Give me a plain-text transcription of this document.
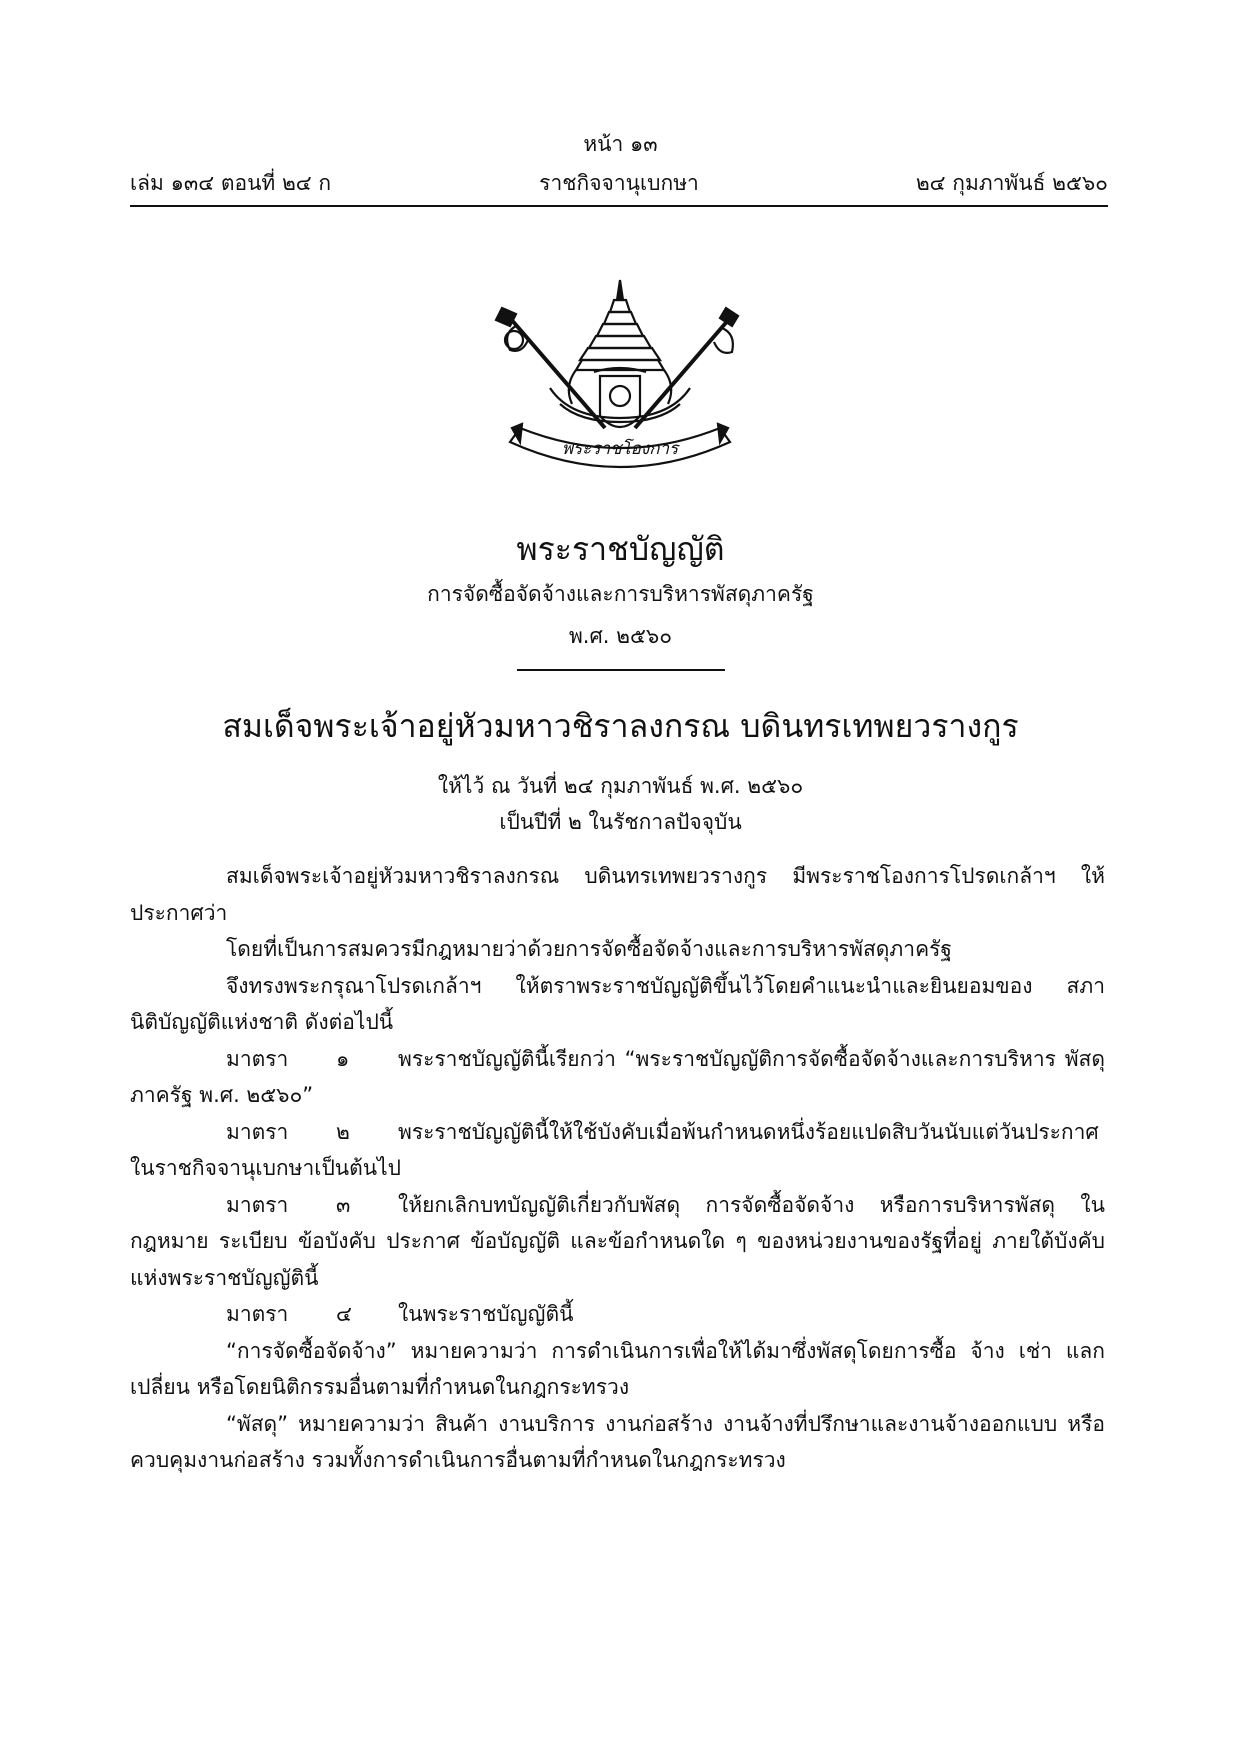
หน้า ๑๓
เล่ม ๑๓๔ ตอนที่ ๒๔ ก	ราชกิจจานุเบกษา	๒๔ กุมภาพันธ์ ๒๕๖๐
พระราชโองการ
พระราชบัญญัติ
การจัดซื้อจัดจ้างและการบริหารพัสดุภาครัฐ
พ.ศ. ๒๕๖๐
สมเด็จพระเจ้าอยู่หัวมหาวชิราลงกรณ บดินทรเทพยวรางกูร
ให้ไว้ ณ วันที่ ๒๔ กุมภาพันธ์ พ.ศ. ๒๕๖๐
เป็นปีที่ ๒ ในรัชกาลปัจจุบัน

สมเด็จพระเจ้าอยู่หัวมหาวชิราลงกรณ บดินทรเทพยวรางกูร มีพระราชโองการโปรดเกล้าฯ ให้ประกาศว่า

โดยที่เป็นการสมควรมีกฎหมายว่าด้วยการจัดซื้อจัดจ้างและการบริหารพัสดุภาครัฐ

จึงทรงพระกรุณาโปรดเกล้าฯ ให้ตราพระราชบัญญัติขึ้นไว้โดยคำแนะนำและยินยอมของ สภานิติบัญญัติแห่งชาติ ดังต่อไปนี้

มาตรา ๑ พระราชบัญญัตินี้เรียกว่า “พระราชบัญญัติการจัดซื้อจัดจ้างและการบริหาร พัสดุภาครัฐ พ.ศ. ๒๕๖๐”

มาตรา ๒ พระราชบัญญัตินี้ให้ใช้บังคับเมื่อพ้นกำหนดหนึ่งร้อยแปดสิบวันนับแต่วันประกาศ ในราชกิจจานุเบกษาเป็นต้นไป

มาตรา ๓ ให้ยกเลิกบทบัญญัติเกี่ยวกับพัสดุ การจัดซื้อจัดจ้าง หรือการบริหารพัสดุ ในกฎหมาย ระเบียบ ข้อบังคับ ประกาศ ข้อบัญญัติ และข้อกำหนดใด ๆ ของหน่วยงานของรัฐที่อยู่ ภายใต้บังคับแห่งพระราชบัญญัตินี้

มาตรา ๔ ในพระราชบัญญัตินี้

“การจัดซื้อจัดจ้าง” หมายความว่า การดำเนินการเพื่อให้ได้มาซึ่งพัสดุโดยการซื้อ จ้าง เช่า แลกเปลี่ยน หรือโดยนิติกรรมอื่นตามที่กำหนดในกฎกระทรวง

“พัสดุ” หมายความว่า สินค้า งานบริการ งานก่อสร้าง งานจ้างที่ปรึกษาและงานจ้างออกแบบ หรือควบคุมงานก่อสร้าง รวมทั้งการดำเนินการอื่นตามที่กำหนดในกฎกระทรวง
